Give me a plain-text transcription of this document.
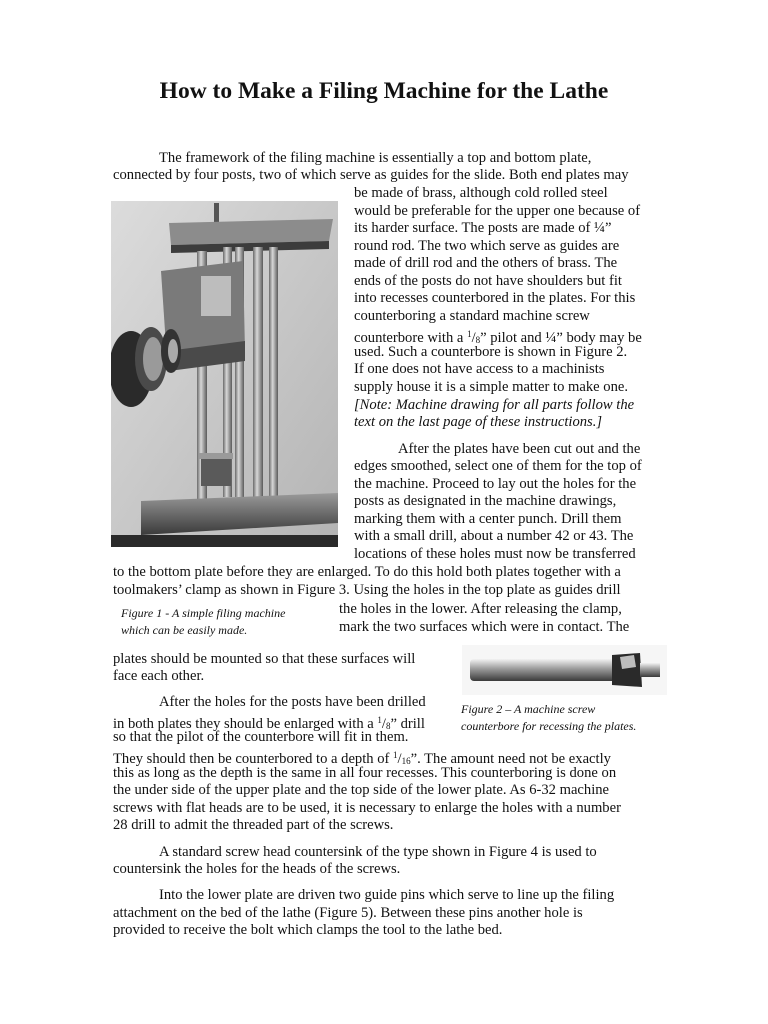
How to Make a Filing Machine for the Lathe

The framework of the filing machine is essentially a top and bottom plate,

connected by four posts, two of which serve as guides for the slide. Both end plates may

be made of brass, although cold rolled steel

would be preferable for the upper one because of

its harder surface. The posts are made of ¼”

round rod. The two which serve as guides are

made of drill rod and the others of brass. The

ends of the posts do not have shoulders but fit

into recesses counterbored in the plates. For this

counterboring a standard machine screw

counterbore with a $^1$/8” pilot and ¼” body may be

used. Such a counterbore is shown in Figure 2.

If one does not have access to a machinists

supply house it is a simple matter to make one.

[Note: Machine drawing for all parts follow the

text on the last page of these instructions.]

After the plates have been cut out and the

edges smoothed, select one of them for the top of

the machine. Proceed to lay out the holes for the

posts as designated in the machine drawings,

marking them with a center punch. Drill them

with a small drill, about a number 42 or 43. The

locations of these holes must now be transferred

to the bottom plate before they are enlarged. To do this hold both plates together with a

toolmakers’ clamp as shown in Figure 3. Using the holes in the top plate as guides drill

the holes in the lower. After releasing the clamp,

mark the two surfaces which were in contact. The

plates should be mounted so that these surfaces will

face each other.

Figure 1 - A simple filing machine

which can be easily made.

Figure 2 – A machine screw

counterbore for recessing the plates.

After the holes for the posts have been drilled

in both plates they should be enlarged with a $^1$/8” drill

so that the pilot of the counterbore will fit in them.

They should then be counterbored to a depth of $^1$/16”. The amount need not be exactly

this as long as the depth is the same in all four recesses. This counterboring is done on

the under side of the upper plate and the top side of the lower plate. As 6-32 machine

screws with flat heads are to be used, it is necessary to enlarge the holes with a number

28 drill to admit the threaded part of the screws.

A standard screw head countersink of the type shown in Figure 4 is used to

countersink the holes for the heads of the screws.

Into the lower plate are driven two guide pins which serve to line up the filing

attachment on the bed of the lathe (Figure 5). Between these pins another hole is

provided to receive the bolt which clamps the tool to the lathe bed.
